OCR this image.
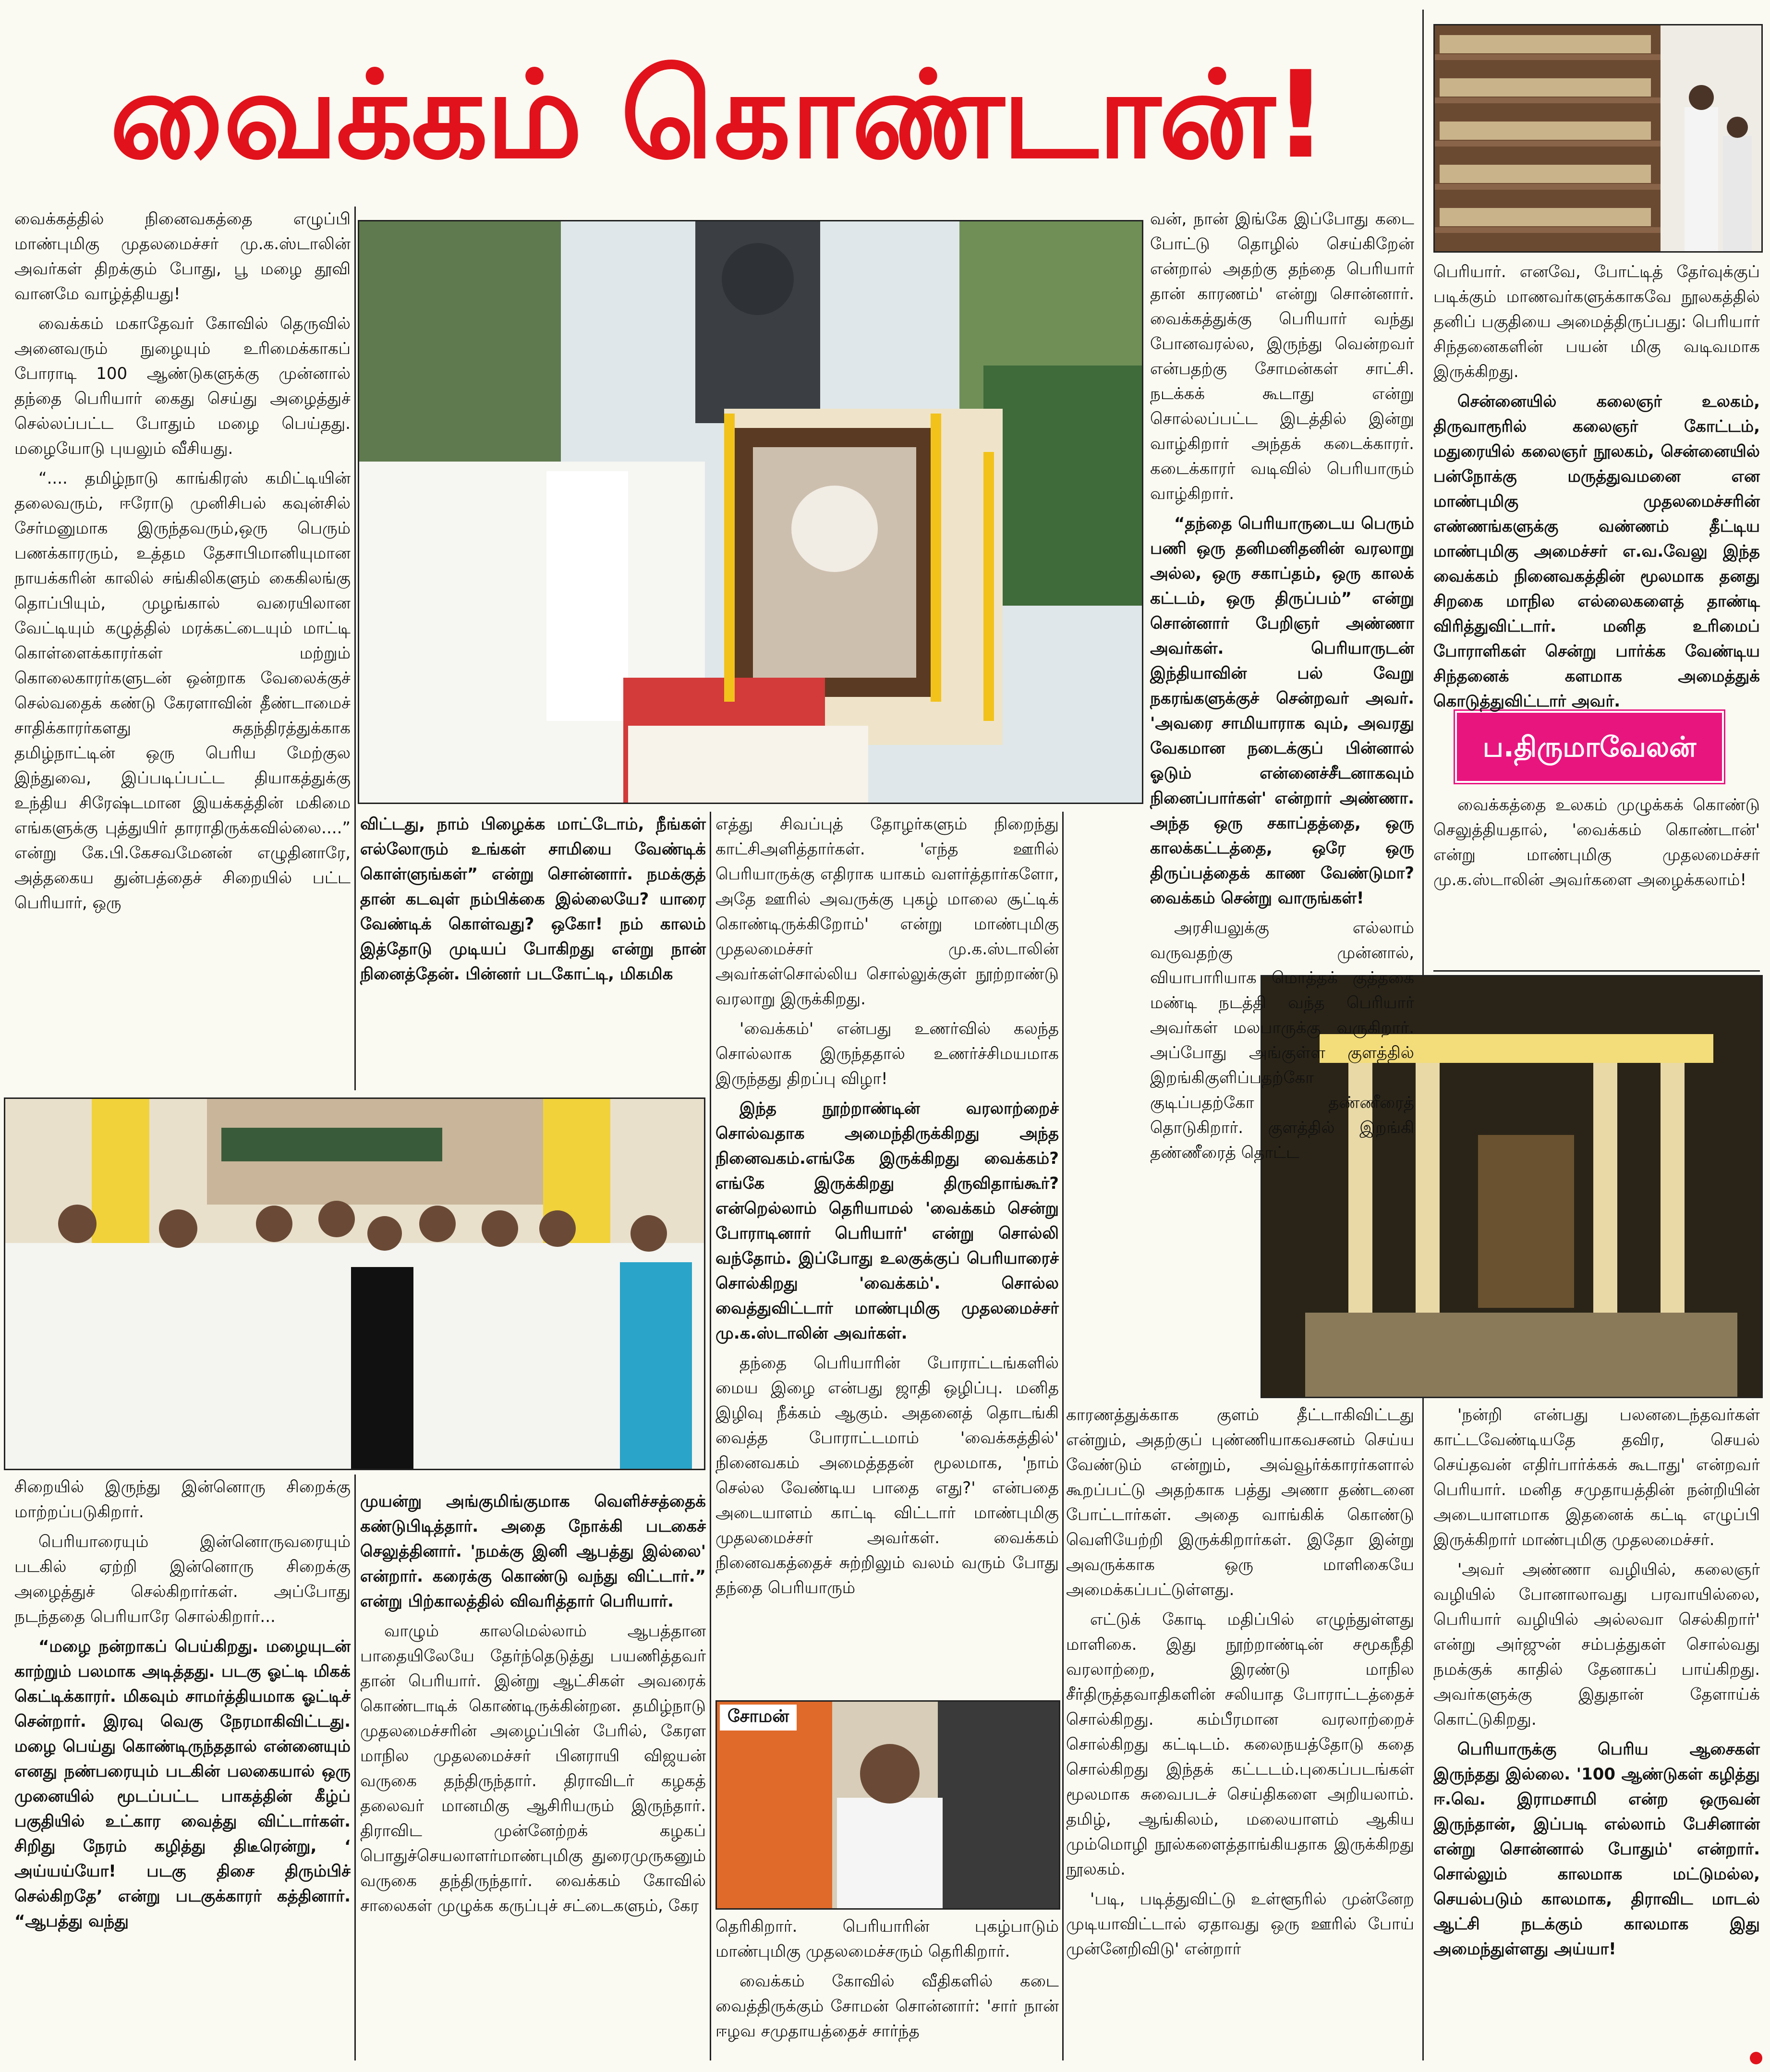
வைக்கம் கொண்டான்!
சோமன்
ப.திருமாவேலன்

வைக்கத்தில் நினைவகத்தை எழுப்பி மாண்புமிகு முதலமைச்சர் மு.க.ஸ்டாலின் அவர்கள் திறக்கும் போது, பூ மழை தூவி வானமே வாழ்த்தியது!

வைக்கம் மகாதேவர் கோவில் தெருவில் அனைவரும் நுழையும் உரிமைக்காகப் போராடி 100 ஆண்டுகளுக்கு முன்னால் தந்தை பெரியார் கைது செய்து அழைத்துச் செல்லப்பட்ட போதும் மழை பெய்தது. மழையோடு புயலும் வீசியது.

“.... தமிழ்நாடு காங்கிரஸ் கமிட்டியின் தலைவரும், ஈரோடு முனிசிபல் கவுன்சில் சேர்மனுமாக இருந்தவரும்,ஒரு பெரும் பணக்காரரும், உத்தம தேசாபிமானியுமான நாயக்கரின் காலில் சங்கிலிகளும் கைகிலங்கு தொப்பியும், முழங்கால் வரையிலான வேட்டியும் கழுத்தில் மரக்கட்டையும் மாட்டி கொள்ளைக்காரர்கள் மற்றும் கொலைகாரர்களுடன் ஒன்றாக வேலைக்குச் செல்வதைக் கண்டு கேரளாவின் தீண்டாமைச் சாதிக்காரர்களது சுதந்திரத்துக்காக தமிழ்நாட்டின் ஒரு பெரிய மேற்குல இந்துவை, இப்படிப்பட்ட தியாகத்துக்கு உந்திய சிரேஷ்டமான இயக்கத்தின் மகிமை எங்களுக்கு புத்துயிர் தாராதிருக்கவில்லை....” என்று கே.பி.கேசவமேனன் எழுதினாரே, அத்தகைய துன்பத்தைச் சிறையில் பட்ட பெரியார், ஒரு

விட்டது, நாம் பிழைக்க மாட்டோம், நீங்கள் எல்லோரும் உங்கள் சாமியை வேண்டிக் கொள்ளுங்கள்” என்று சொன்னார். நமக்குத் தான் கடவுள் நம்பிக்கை இல்லையே? யாரை வேண்டிக் கொள்வது? ஒகோ! நம் காலம் இத்தோடு முடியப் போகிறது என்று நான் நினைத்தேன். பின்னர் படகோட்டி, மிகமிக

எத்து சிவப்புத் தோழர்களும் நிறைந்து காட்சிஅளித்தார்கள். 'எந்த ஊரில் பெரியாருக்கு எதிராக யாகம் வளர்த்தார்களோ, அதே ஊரில் அவருக்கு புகழ் மாலை சூட்டிக் கொண்டிருக்கிறோம்' என்று மாண்புமிகு முதலமைச்சர் மு.க.ஸ்டாலின் அவர்கள்சொல்லிய சொல்லுக்குள் நூற்றாண்டு வரலாறு இருக்கிறது.

'வைக்கம்' என்பது உணர்வில் கலந்த சொல்லாக இருந்ததால் உணர்ச்சிமயமாக இருந்தது திறப்பு விழா!

இந்த நூற்றாண்டின் வரலாற்றைச் சொல்வதாக அமைந்திருக்கிறது அந்த நினைவகம்.எங்கே இருக்கிறது வைக்கம்? எங்கே இருக்கிறது திருவிதாங்கூர்? என்றெல்லாம் தெரியாமல் 'வைக்கம் சென்று போராடினார் பெரியார்' என்று சொல்லி வந்தோம். இப்போது உலகுக்குப் பெரியாரைச் சொல்கிறது 'வைக்கம்'. சொல்ல வைத்துவிட்டார் மாண்புமிகு முதலமைச்சர் மு.க.ஸ்டாலின் அவர்கள்.

தந்தை பெரியாரின் போராட்டங்களில் மைய இழை என்பது ஜாதி ஒழிப்பு. மனித இழிவு நீக்கம் ஆகும். அதனைத் தொடங்கி வைத்த போராட்டமாம் 'வைக்கத்தில்' நினைவகம் அமைத்ததன் மூலமாக, 'நாம் செல்ல வேண்டிய பாதை எது?' என்பதை அடையாளம் காட்டி விட்டார் மாண்புமிகு முதலமைச்சர் அவர்கள். வைக்கம் நினைவகத்தைச் சுற்றிலும் வலம் வரும் போது தந்தை பெரியாரும்

வன், நான் இங்கே இப்போது கடை போட்டு தொழில் செய்கிறேன் என்றால் அதற்கு தந்தை பெரியார் தான் காரணம்' என்று சொன்னார். வைக்கத்துக்கு பெரியார் வந்து போனவரல்ல, இருந்து வென்றவர் என்பதற்கு சோமன்கள் சாட்சி. நடக்கக் கூடாது என்று சொல்லப்பட்ட இடத்தில் இன்று வாழ்கிறார் அந்தக் கடைக்காரர். கடைக்காரர் வடிவில் பெரியாரும் வாழ்கிறார்.

“தந்தை பெரியாருடைய பெரும் பணி ஒரு தனிமனிதனின் வரலாறு அல்ல, ஒரு சகாப்தம், ஒரு காலக் கட்டம், ஒரு திருப்பம்” என்று சொன்னார் பேறிஞர் அண்ணா அவர்கள். பெரியாருடன் இந்தியாவின் பல் வேறு நகரங்களுக்குச் சென்றவர் அவர். 'அவரை சாமியாராக வும், அவரது வேகமான நடைக்குப் பின்னால் ஓடும் என்னைச்சீடனாகவும் நினைப்பார்கள்' என்றார் அண்ணா. அந்த ஒரு சகாப்தத்தை, ஒரு காலக்கட்டத்தை, ஒரே ஒரு திருப்பத்தைக் காண வேண்டுமா? வைக்கம் சென்று வாருங்கள்!

அரசியலுக்கு எல்லாம் வருவதற்கு முன்னால், வியாபாரியாக மொத்தக் குத்தகை மண்டி நடத்தி வந்த பெரியார் அவர்கள் மலபாருக்கு வருகிறார். அப்போது அங்குள்ள குளத்தில் இறங்கிகுளிப்பதற்கோ குடிப்பதற்கோ தண்ணீரைத் தொடுகிறார். குளத்தில் இறங்கி தண்ணீரைத் தொட்ட

பெரியார். எனவே, போட்டித் தேர்வுக்குப் படிக்கும் மாணவர்களுக்காகவே நூலகத்தில் தனிப் பகுதியை அமைத்திருப்பது: பெரியார் சிந்தனைகளின் பயன் மிகு வடிவமாக இருக்கிறது.

சென்னையில் கலைஞர் உலகம், திருவாரூரில் கலைஞர் கோட்டம், மதுரையில் கலைஞர் நூலகம், சென்னையில் பன்நோக்கு மருத்துவமனை என மாண்புமிகு முதலமைச்சரின் எண்ணங்களுக்கு வண்ணம் தீட்டிய மாண்புமிகு அமைச்சர் எ.வ.வேலு இந்த வைக்கம் நினைவகத்தின் மூலமாக தனது சிறகை மாநில எல்லைகளைத் தாண்டி விரித்துவிட்டார். மனித உரிமைப் போராளிகள் சென்று பார்க்க வேண்டிய சிந்தனைக் களமாக அமைத்துக் கொடுத்துவிட்டார் அவர்.

வைக்கத்தை உலகம் முழுக்கக் கொண்டு செலுத்தியதால், 'வைக்கம் கொண்டான்' என்று மாண்புமிகு முதலமைச்சர் மு.க.ஸ்டாலின் அவர்களை அழைக்கலாம்!

சிறையில் இருந்து இன்னொரு சிறைக்கு மாற்றப்படுகிறார்.

பெரியாரையும் இன்னொருவரையும் படகில் ஏற்றி இன்னொரு சிறைக்கு அழைத்துச் செல்கிறார்கள். அப்போது நடந்ததை பெரியாரே சொல்கிறார்...

“மழை நன்றாகப் பெய்கிறது. மழையுடன் காற்றும் பலமாக அடித்தது. படகு ஓட்டி மிகக் கெட்டிக்காரர். மிகவும் சாமர்த்தியமாக ஓட்டிச் சென்றார். இரவு வெகு நேரமாகிவிட்டது. மழை பெய்து கொண்டிருந்ததால் என்னையும் எனது நண்பரையும் படகின் பலகையால் ஒரு முனையில் மூடப்பட்ட பாகத்தின் கீழ்ப் பகுதியில் உட்கார வைத்து விட்டார்கள். சிறிது நேரம் கழித்து திடீரென்று, ‘ அய்யய்யோ! படகு திசை திரும்பிச் செல்கிறதே’ என்று படகுக்காரர் கத்தினார். “ஆபத்து வந்து

முயன்று அங்குமிங்குமாக வெளிச்சத்தைக் கண்டுபிடித்தார். அதை நோக்கி படகைச் செலுத்தினார். 'நமக்கு இனி ஆபத்து இல்லை' என்றார். கரைக்கு கொண்டு வந்து விட்டார்.” என்று பிற்காலத்தில் விவரித்தார் பெரியார்.

வாழும் காலமெல்லாம் ஆபத்தான பாதையிலேயே தேர்ந்தெடுத்து பயணித்தவர் தான் பெரியார். இன்று ஆட்சிகள் அவரைக் கொண்டாடிக் கொண்டிருக்கின்றன. தமிழ்நாடு முதலமைச்சரின் அழைப்பின் பேரில், கேரள மாநில முதலமைச்சர் பினராயி விஜயன் வருகை தந்திருந்தார். திராவிடர் கழகத் தலைவர் மானமிகு ஆசிரியரும் இருந்தார். திராவிட முன்னேற்றக் கழகப் பொதுச்செயலாளர்மாண்புமிகு துரைமுருகனும் வருகை தந்திருந்தார். வைக்கம் கோவில் சாலைகள் முழுக்க கருப்புச் சட்டைகளும், கேர

தெரிகிறார். பெரியாரின் புகழ்பாடும் மாண்புமிகு முதலமைச்சரும் தெரிகிறார்.

வைக்கம் கோவில் வீதிகளில் கடை வைத்திருக்கும் சோமன் சொன்னார்: 'சார் நான் ஈழவ சமுதாயத்தைச் சார்ந்த

காரணத்துக்காக குளம் தீட்டாகிவிட்டது என்றும், அதற்குப் புண்ணியாகவசனம் செய்ய வேண்டும் என்றும், அவ்வூர்க்காரர்களால் கூறப்பட்டு அதற்காக பத்து அணா தண்டனை போட்டார்கள். அதை வாங்கிக் கொண்டு வெளியேற்றி இருக்கிறார்கள். இதோ இன்று அவருக்காக ஒரு மாளிகையே அமைக்கப்பட்டுள்ளது.

எட்டுக் கோடி மதிப்பில் எழுந்துள்ளது மாளிகை. இது நூற்றாண்டின் சமூகநீதி வரலாற்றை, இரண்டு மாநில சீர்திருத்தவாதிகளின் சலியாத போராட்டத்தைச் சொல்கிறது. கம்பீரமான வரலாற்றைச் சொல்கிறது கட்டிடம். கலைநயத்தோடு கதை சொல்கிறது இந்தக் கட்டடம்.புகைப்படங்கள் மூலமாக சுவைபடச் செய்திகளை அறியலாம். தமிழ், ஆங்கிலம், மலையாளம் ஆகிய மும்மொழி நூல்களைத்தாங்கியதாக இருக்கிறது நூலகம்.

'படி, படித்துவிட்டு உள்ளூரில் முன்னேற முடியாவிட்டால் ஏதாவது ஒரு ஊரில் போய் முன்னேறிவிடு' என்றார்

'நன்றி என்பது பலனடைந்தவர்கள் காட்டவேண்டியதே தவிர, செயல் செய்தவன் எதிர்பார்க்கக் கூடாது' என்றவர் பெரியார். மனித சமுதாயத்தின் நன்றியின் அடையாளமாக இதனைக் கட்டி எழுப்பி இருக்கிறார் மாண்புமிகு முதலமைச்சர்.

'அவர் அண்ணா வழியில், கலைஞர் வழியில் போனாலாவது பரவாயில்லை, பெரியார் வழியில் அல்லவா செல்கிறார்' என்று அர்ஜுன் சம்பத்துகள் சொல்வது நமக்குக் காதில் தேனாகப் பாய்கிறது. அவர்களுக்கு இதுதான் தேளாய்க் கொட்டுகிறது.

பெரியாருக்கு பெரிய ஆசைகள் இருந்தது இல்லை. '100 ஆண்டுகள் கழித்து ஈ.வெ. இராமசாமி என்ற ஒருவன் இருந்தான், இப்படி எல்லாம் பேசினான் என்று சொன்னால் போதும்' என்றார். சொல்லும் காலமாக மட்டுமல்ல, செயல்படும் காலமாக, திராவிட மாடல் ஆட்சி நடக்கும் காலமாக இது அமைந்துள்ளது அய்யா!
